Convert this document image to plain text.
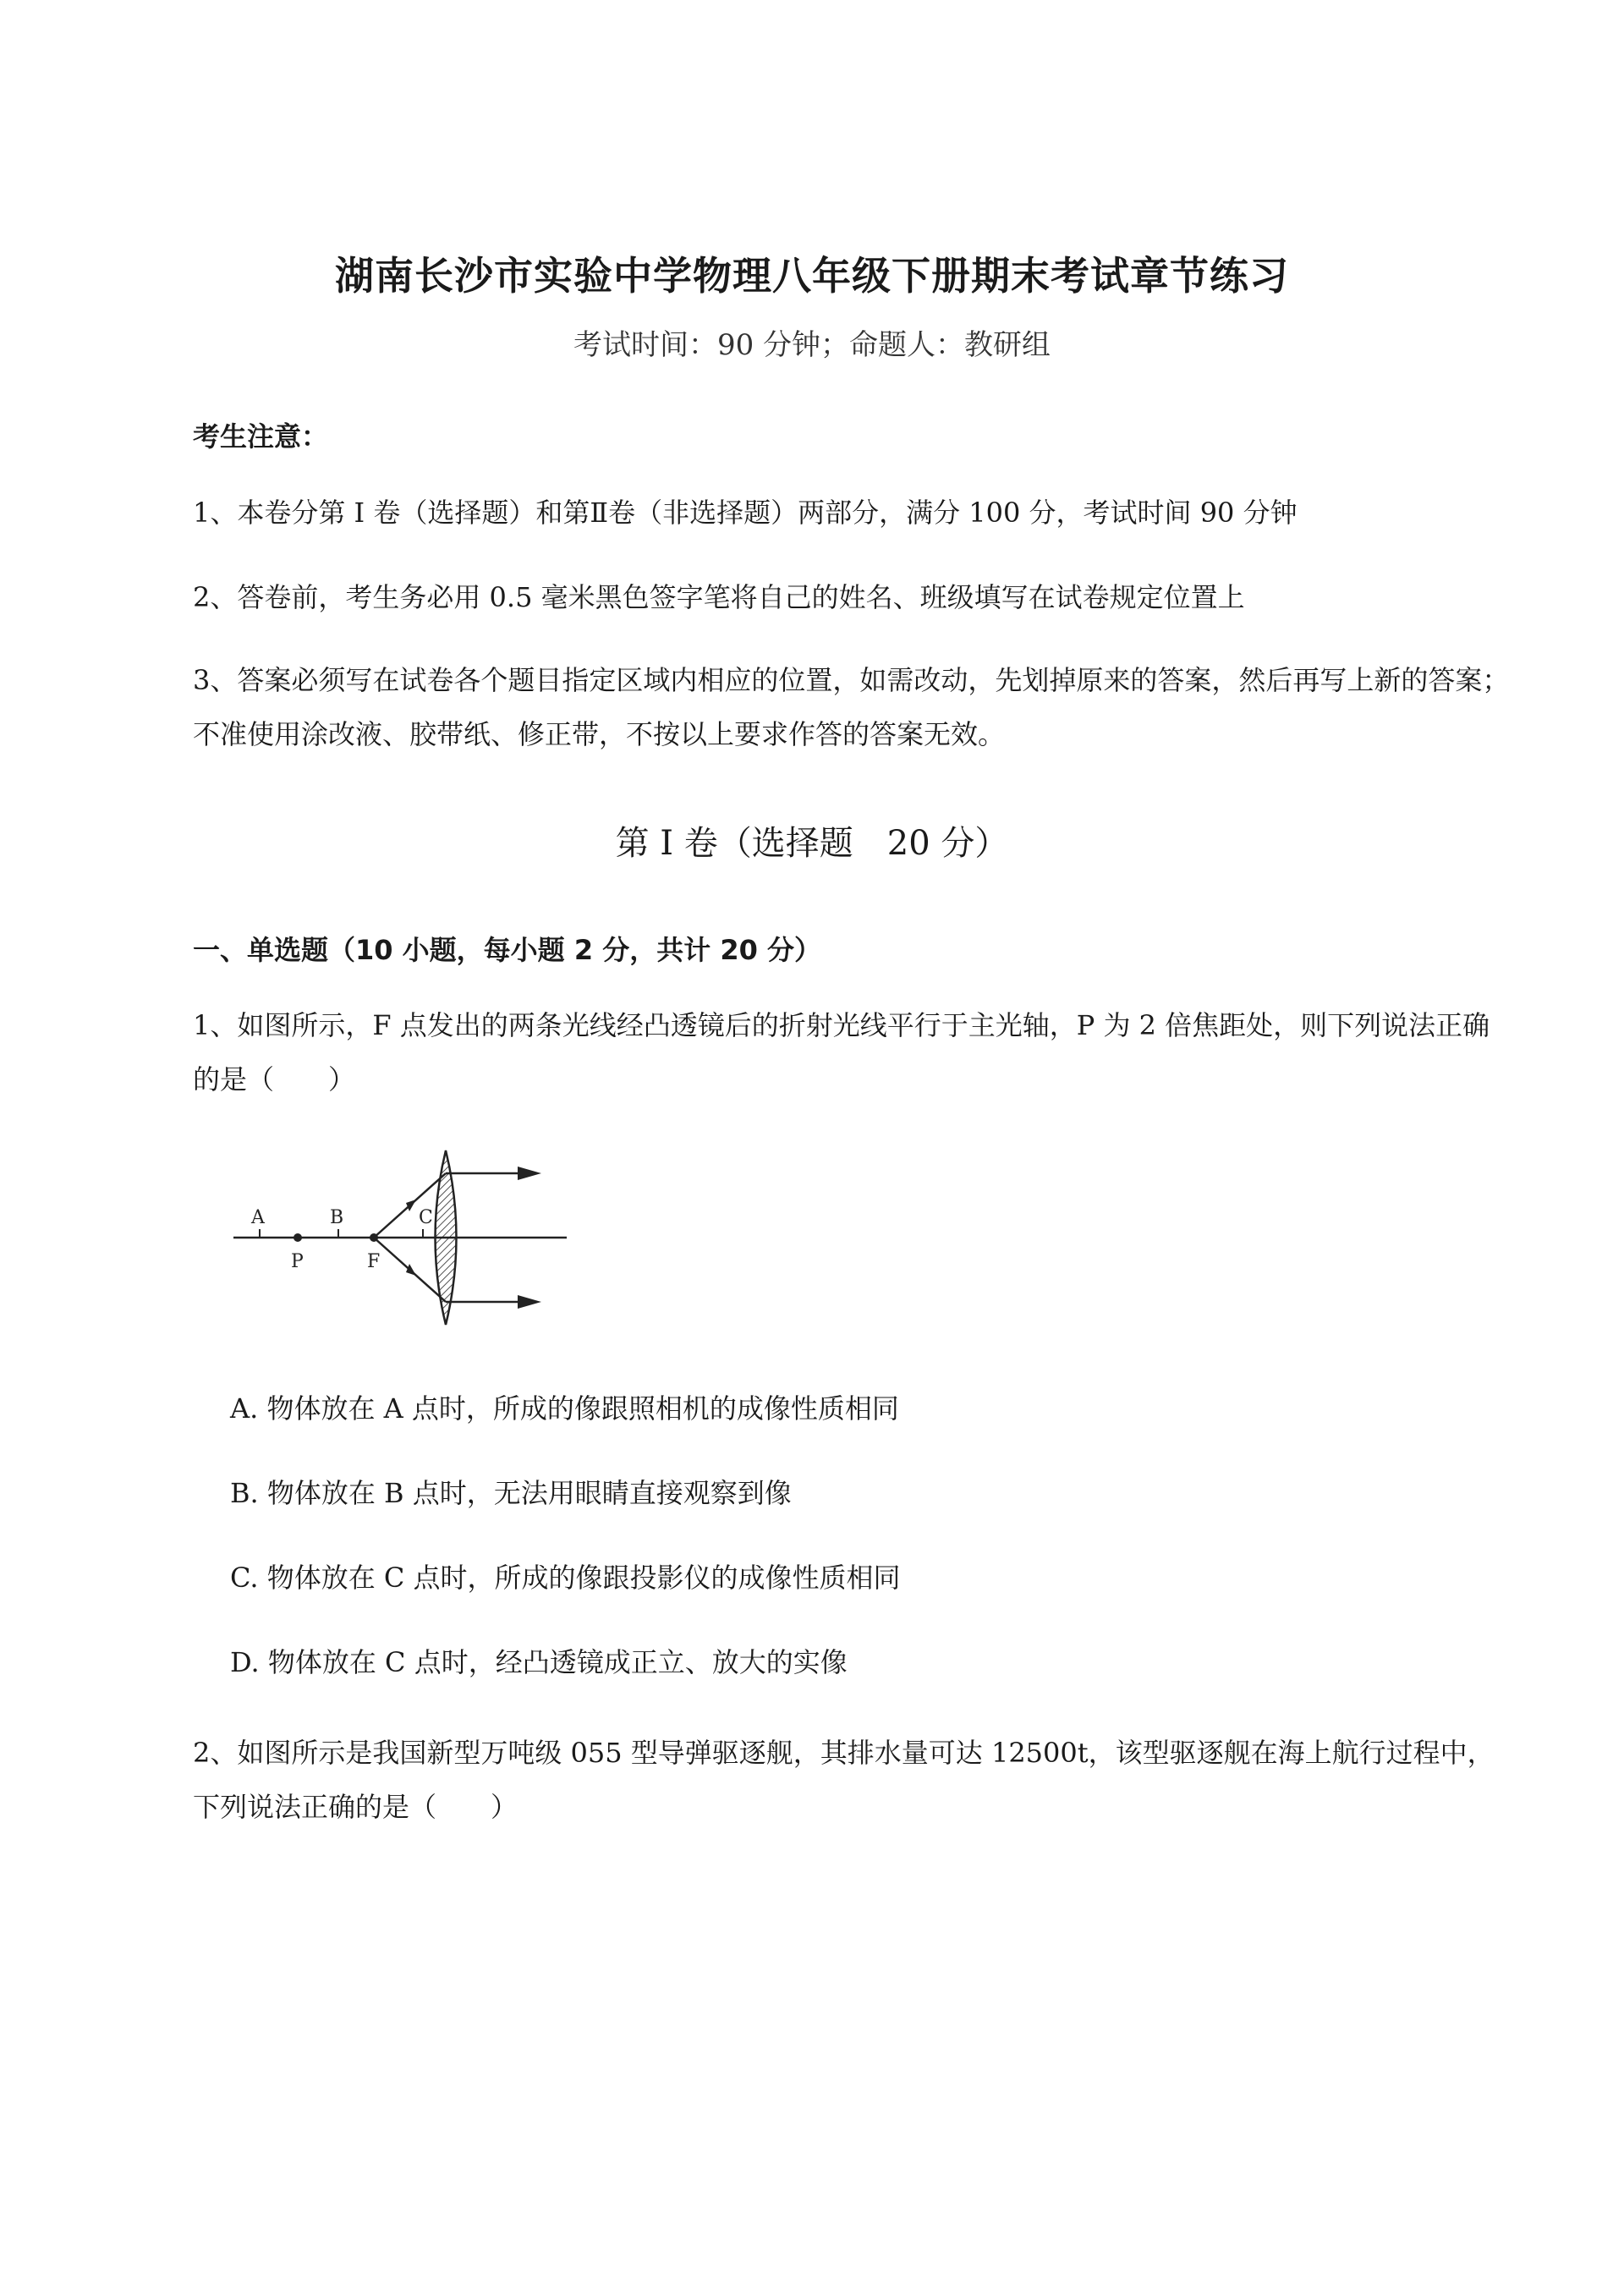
湖南长沙市实验中学物理八年级下册期末考试章节练习
考试时间：90 分钟；命题人：教研组
考生注意：
1、本卷分第 I 卷（选择题）和第Ⅱ卷（非选择题）两部分，满分 100 分，考试时间 90 分钟
2、答卷前，考生务必用 0.5 毫米黑色签字笔将自己的姓名、班级填写在试卷规定位置上
3、答案必须写在试卷各个题目指定区域内相应的位置，如需改动，先划掉原来的答案，然后再写上新的答案；不准使用涂改液、胶带纸、修正带，不按以上要求作答的答案无效。
第 I 卷（选择题　20 分）
一、单选题（10 小题，每小题 2 分，共计 20 分）
1、如图所示，F 点发出的两条光线经凸透镜后的折射光线平行于主光轴，P 为 2 倍焦距处，则下列说法正确的是（　　）
A	B	C
P	F
A. 物体放在 A 点时，所成的像跟照相机的成像性质相同
B. 物体放在 B 点时，无法用眼睛直接观察到像
C. 物体放在 C 点时，所成的像跟投影仪的成像性质相同
D. 物体放在 C 点时，经凸透镜成正立、放大的实像
2、如图所示是我国新型万吨级 055 型导弹驱逐舰，其排水量可达 12500t，该型驱逐舰在海上航行过程中，下列说法正确的是（　　）
